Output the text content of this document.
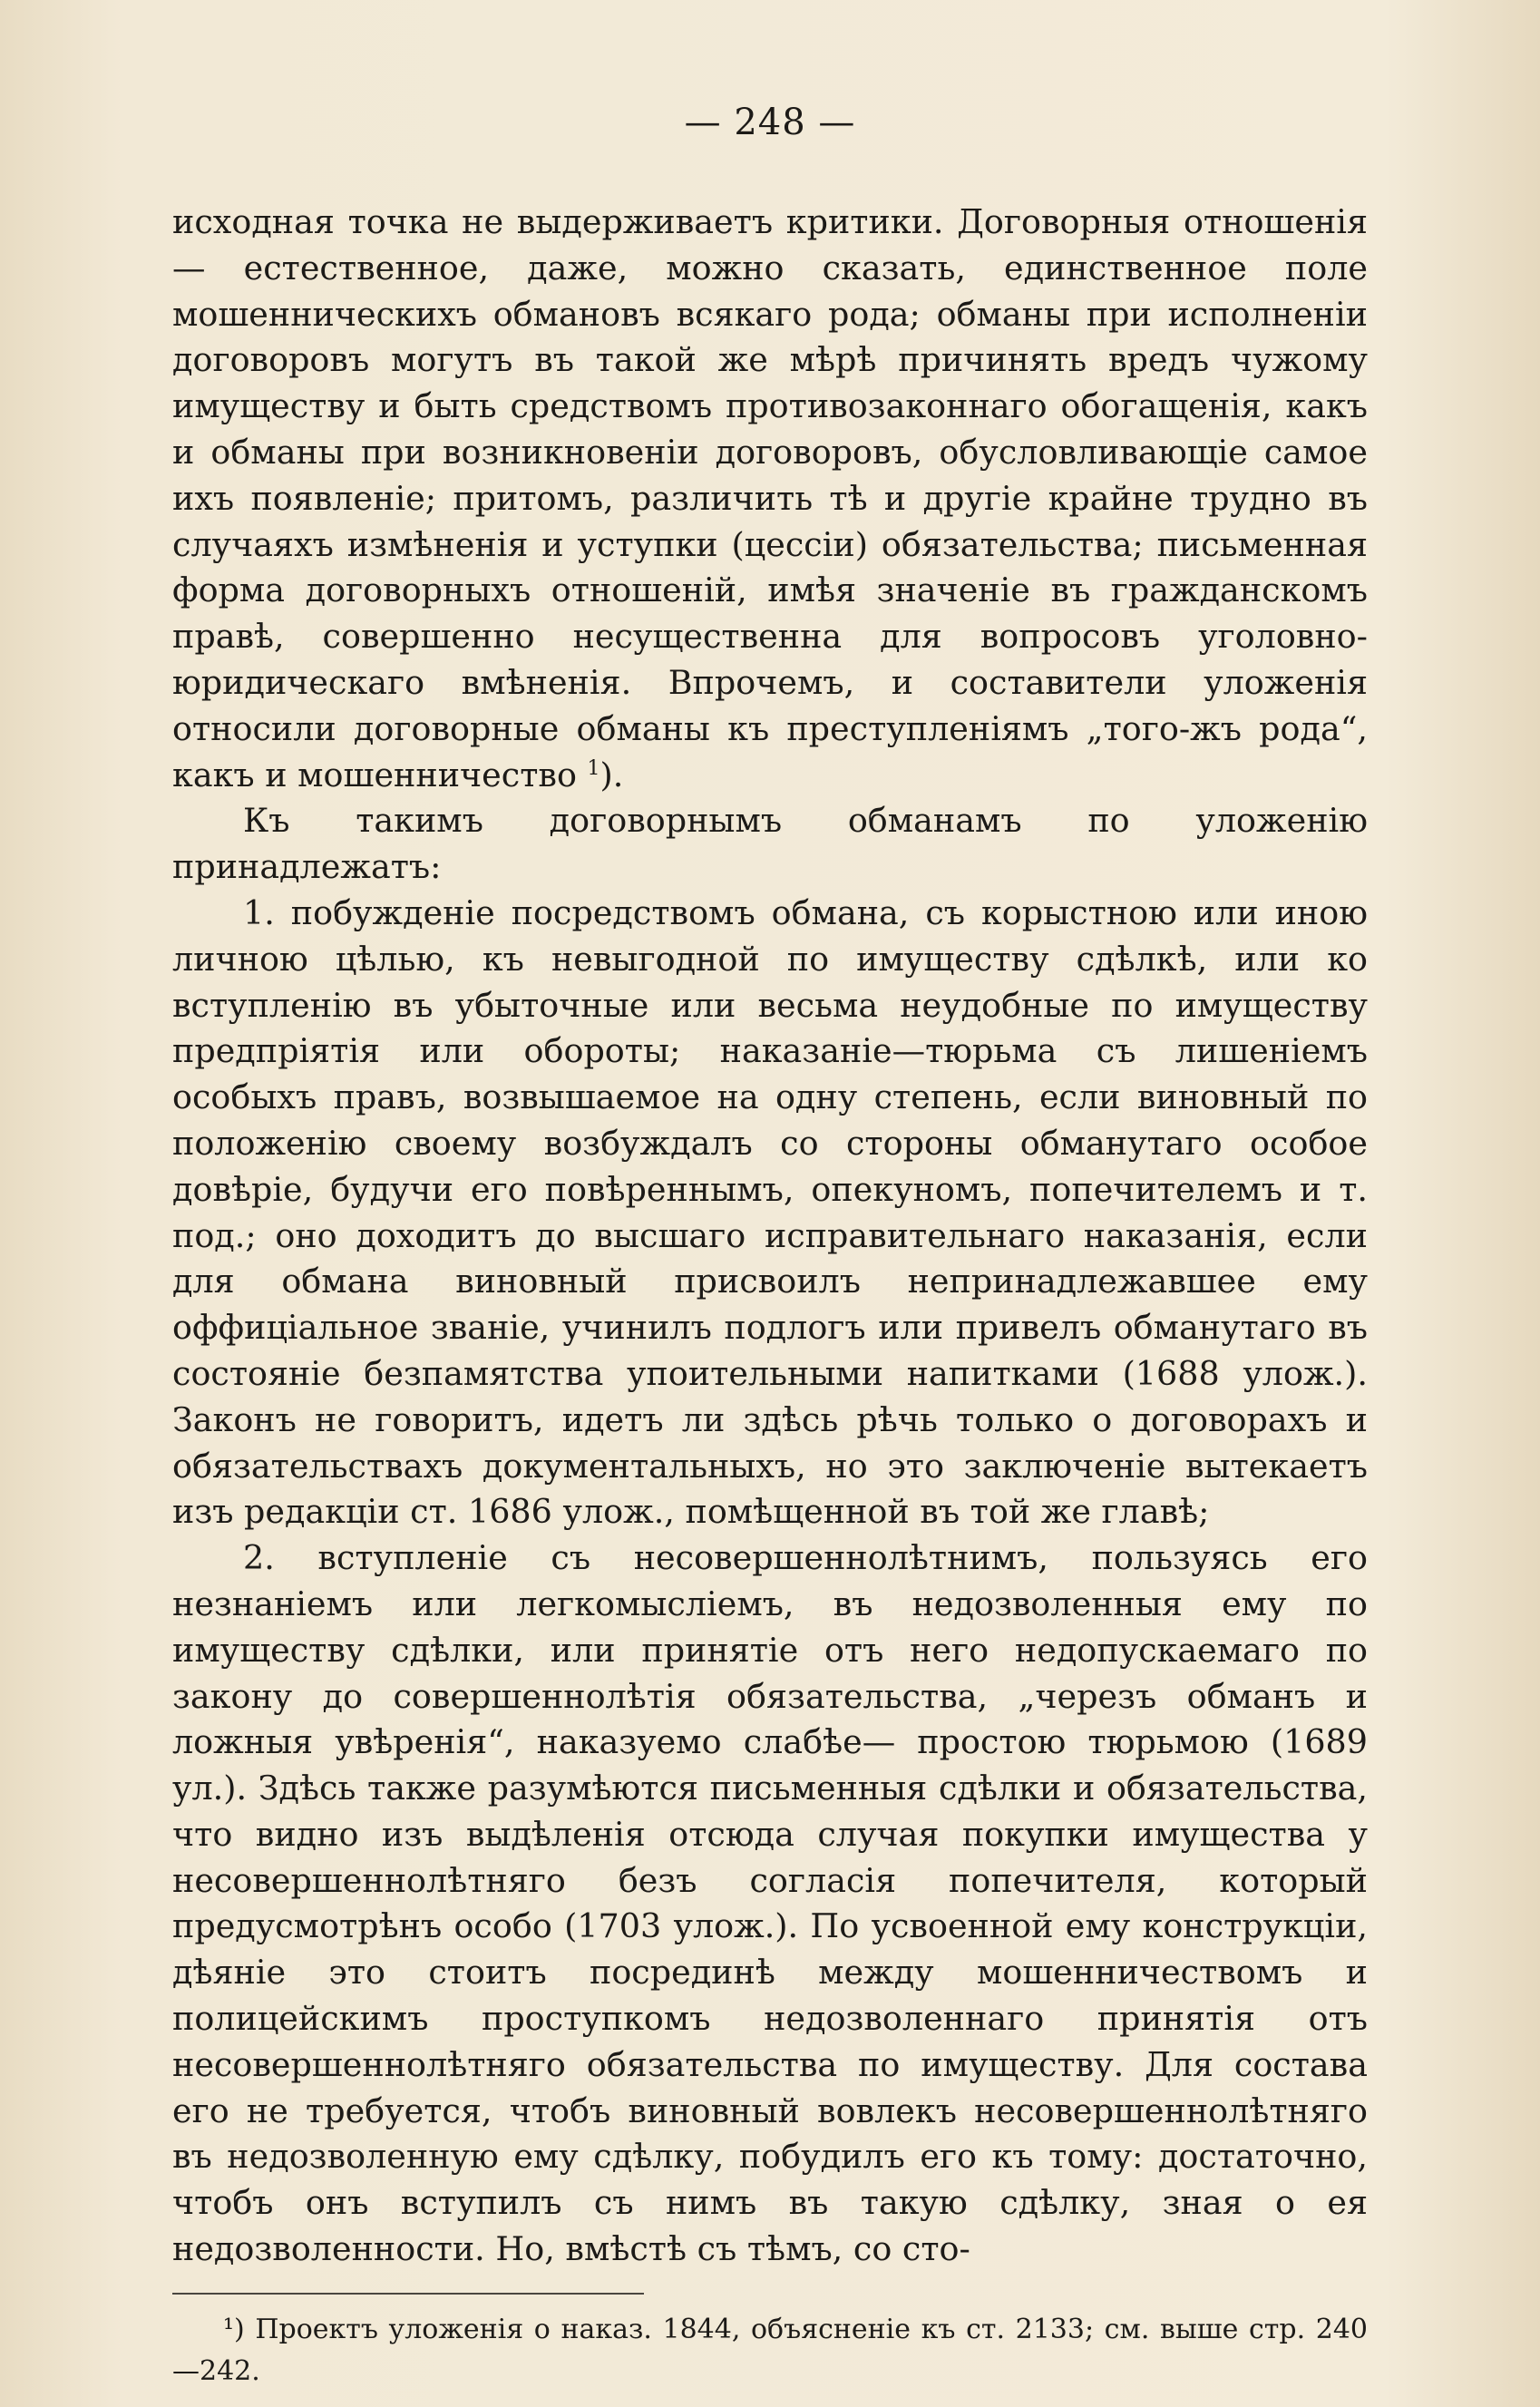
— 248 —

исходная точка не выдерживаетъ критики. Договорныя отношенія— естественное, даже, можно сказать, единственное поле мошенническихъ обмановъ всякаго рода; обманы при исполненіи договоровъ могутъ въ такой же мѣрѣ причинять вредъ чужому имуществу и быть средствомъ противозаконнаго обогащенія, какъ и обманы при возникновеніи договоровъ, обусловливающіе самое ихъ появленіе; притомъ, различить тѣ и другіе крайне трудно въ случаяхъ измѣненія и уступки (цессіи) обязательства; письменная форма договорныхъ отношеній, имѣя значеніе въ гражданскомъ правѣ, совершенно несущественна для вопросовъ уголовно-юридическаго вмѣненія. Впрочемъ, и составители уложенія относили договорные обманы къ преступленіямъ „того-жъ рода“, какъ и мошенничество $^1$).

Къ такимъ договорнымъ обманамъ по уложенію принадлежатъ:

1. побужденіе посредствомъ обмана, съ корыстною или иною личною цѣлью, къ невыгодной по имуществу сдѣлкѣ, или ко вступленію въ убыточные или весьма неудобные по имуществу предпріятія или обороты; наказаніе—тюрьма съ лишеніемъ особыхъ правъ, возвышаемое на одну степень, если виновный по положенію своему возбуждалъ со стороны обманутаго особое довѣріе, будучи его повѣреннымъ, опекуномъ, попечителемъ и т. под.; оно доходитъ до высшаго исправительнаго наказанія, если для обмана виновный присвоилъ непринадлежавшее ему оффиціальное званіе, учинилъ подлогъ или привелъ обманутаго въ состояніе безпамятства упоительными напитками (1688 улож.). Законъ не говоритъ, идетъ ли здѣсь рѣчь только о договорахъ и обязательствахъ документальныхъ, но это заключеніе вытекаетъ изъ редакціи ст. 1686 улож., помѣщенной въ той же главѣ;

2. вступленіе съ несовершеннолѣтнимъ, пользуясь его незнаніемъ или легкомысліемъ, въ недозволенныя ему по имуществу сдѣлки, или принятіе отъ него недопускаемаго по закону до совершеннолѣтія обязательства, „черезъ обманъ и ложныя увѣренія“, наказуемо слабѣе— простою тюрьмою (1689 ул.). Здѣсь также разумѣются письменныя сдѣлки и обязательства, что видно изъ выдѣленія отсюда случая покупки имущества у несовершеннолѣтняго безъ согласія попечителя, который предусмотрѣнъ особо (1703 улож.). По усвоенной ему конструкціи, дѣяніе это стоитъ посрединѣ между мошенничествомъ и полицейскимъ проступкомъ недозволеннаго принятія отъ несовершеннолѣтняго обязательства по имуществу. Для состава его не требуется, чтобъ виновный вовлекъ несовершеннолѣтняго въ недозволенную ему сдѣлку, побудилъ его къ тому: достаточно, чтобъ онъ вступилъ съ нимъ въ такую сдѣлку, зная о ея недозволенности. Но, вмѣстѣ съ тѣмъ, со сто-

¹) Проектъ уложенія о наказ. 1844, объясненіе къ ст. 2133; см. выше стр. 240—242.
